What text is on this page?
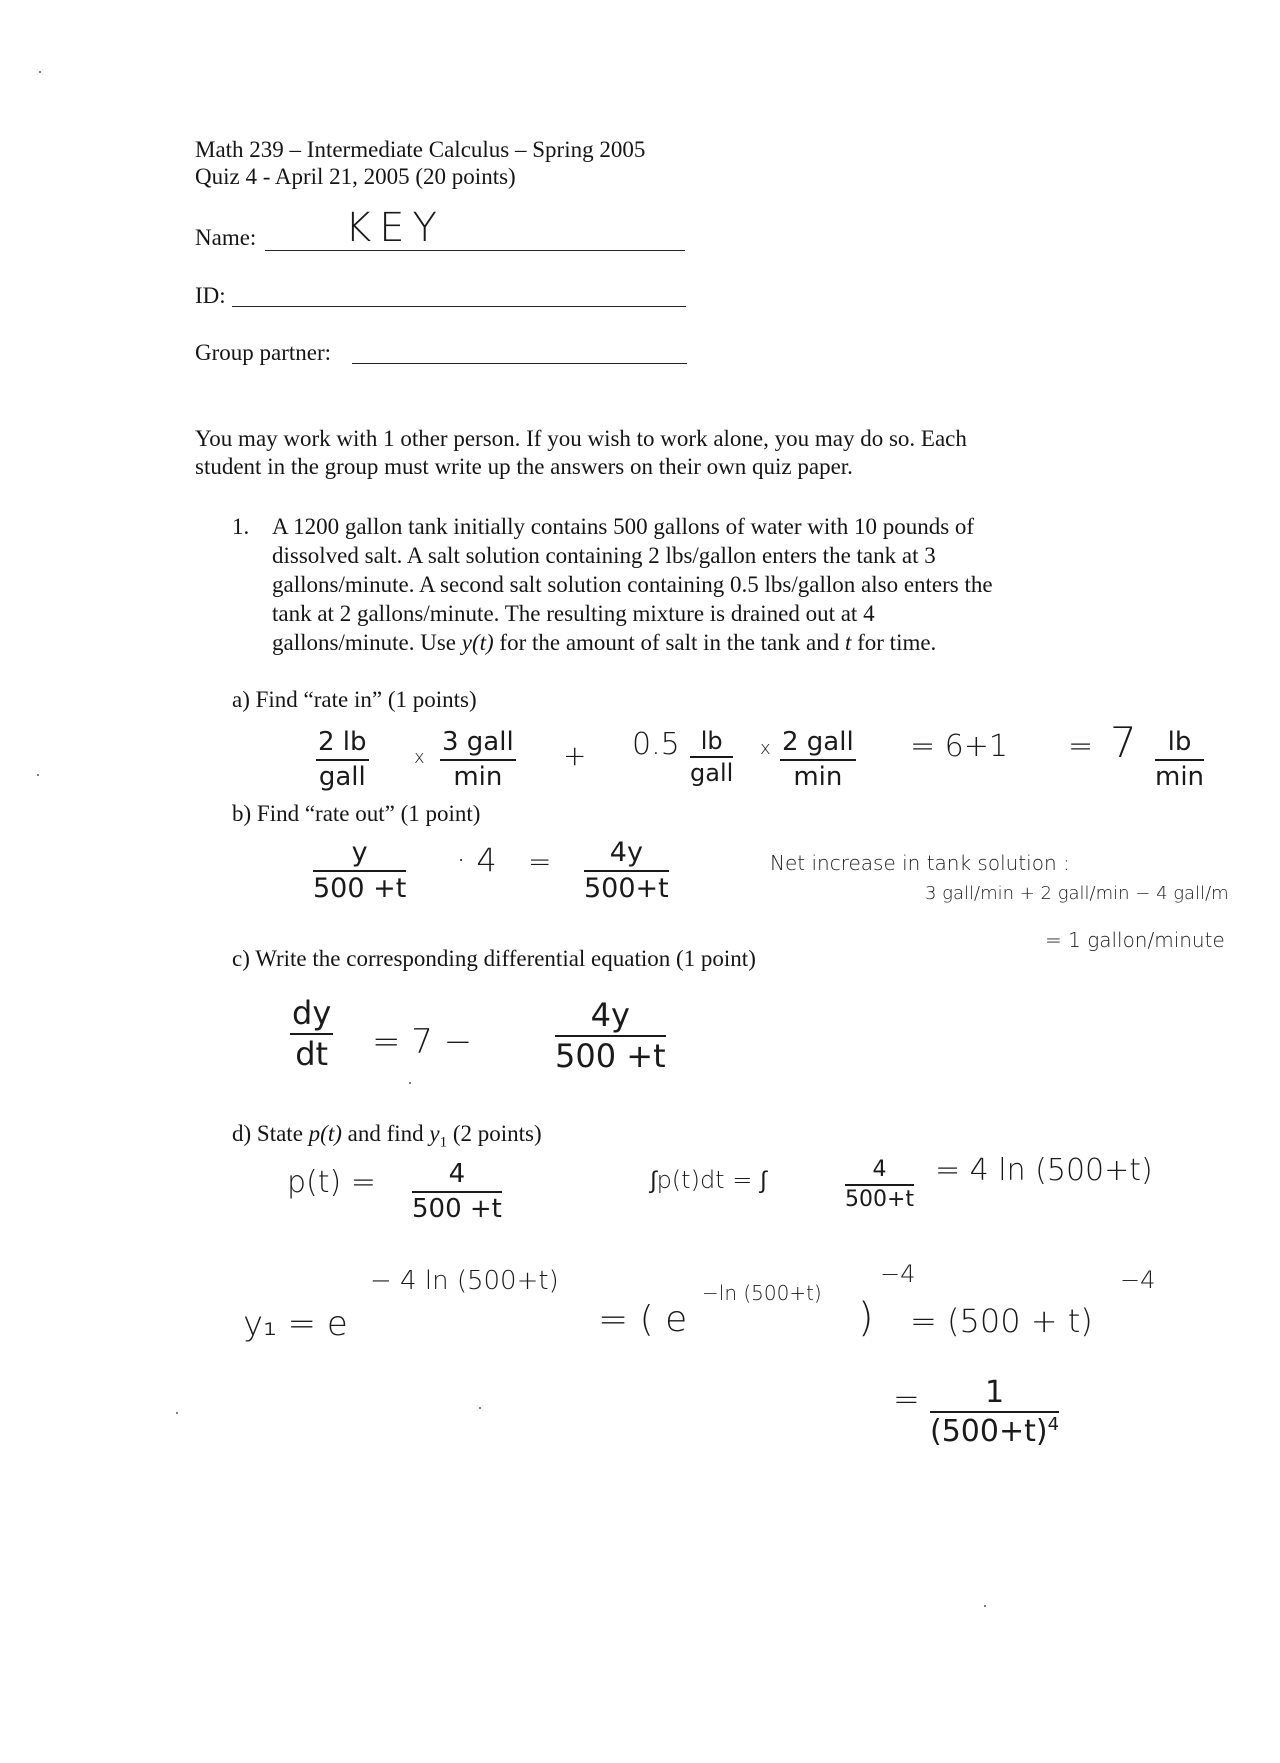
Math 239 – Intermediate Calculus – Spring 2005

Quiz 4 - April 21, 2005 (20 points)

Name: KEY

ID:

Group partner:

You may work with 1 other person. If you wish to work alone, you may do so. Each

student in the group must write up the answers on their own quiz paper.

1. A 1200 gallon tank initially contains 500 gallons of water with 10 pounds of

dissolved salt. A salt solution containing 2 lbs/gallon enters the tank at 3

gallons/minute. A second salt solution containing 0.5 lbs/gallon also enters the

tank at 2 gallons/minute. The resulting mixture is drained out at 4

gallons/minute. Use y(t) for the amount of salt in the tank and t for time.

a) Find “rate in” (1 points)

2 lb
gall

x

3 gall
min

+ 0.5 lb
gall

x 2 gall
min

= 6+1 = 7	lb
min

b) Find “rate out” (1 point)

y
500 +t

· 4 =	4y
500+t

Net increase in tank solution :

3 gall/min + 2 gall/min − 4 gall/m

= 1 gallon/minute

c) Write the corresponding differential equation (1 point)

dy
dt = 7 −

4y
500 +t

d) State p(t) and find $y_1$ (2 points)

p(t) =	4
500 +t

∫p(t)dt = ∫	4
500+t

= 4 ln (500+t)

y₁ = e

− 4 ln (500+t)

= ( e

−ln (500+t)

)

−4

= (500 + t)

−4

=	1
$(500+t)^4$
